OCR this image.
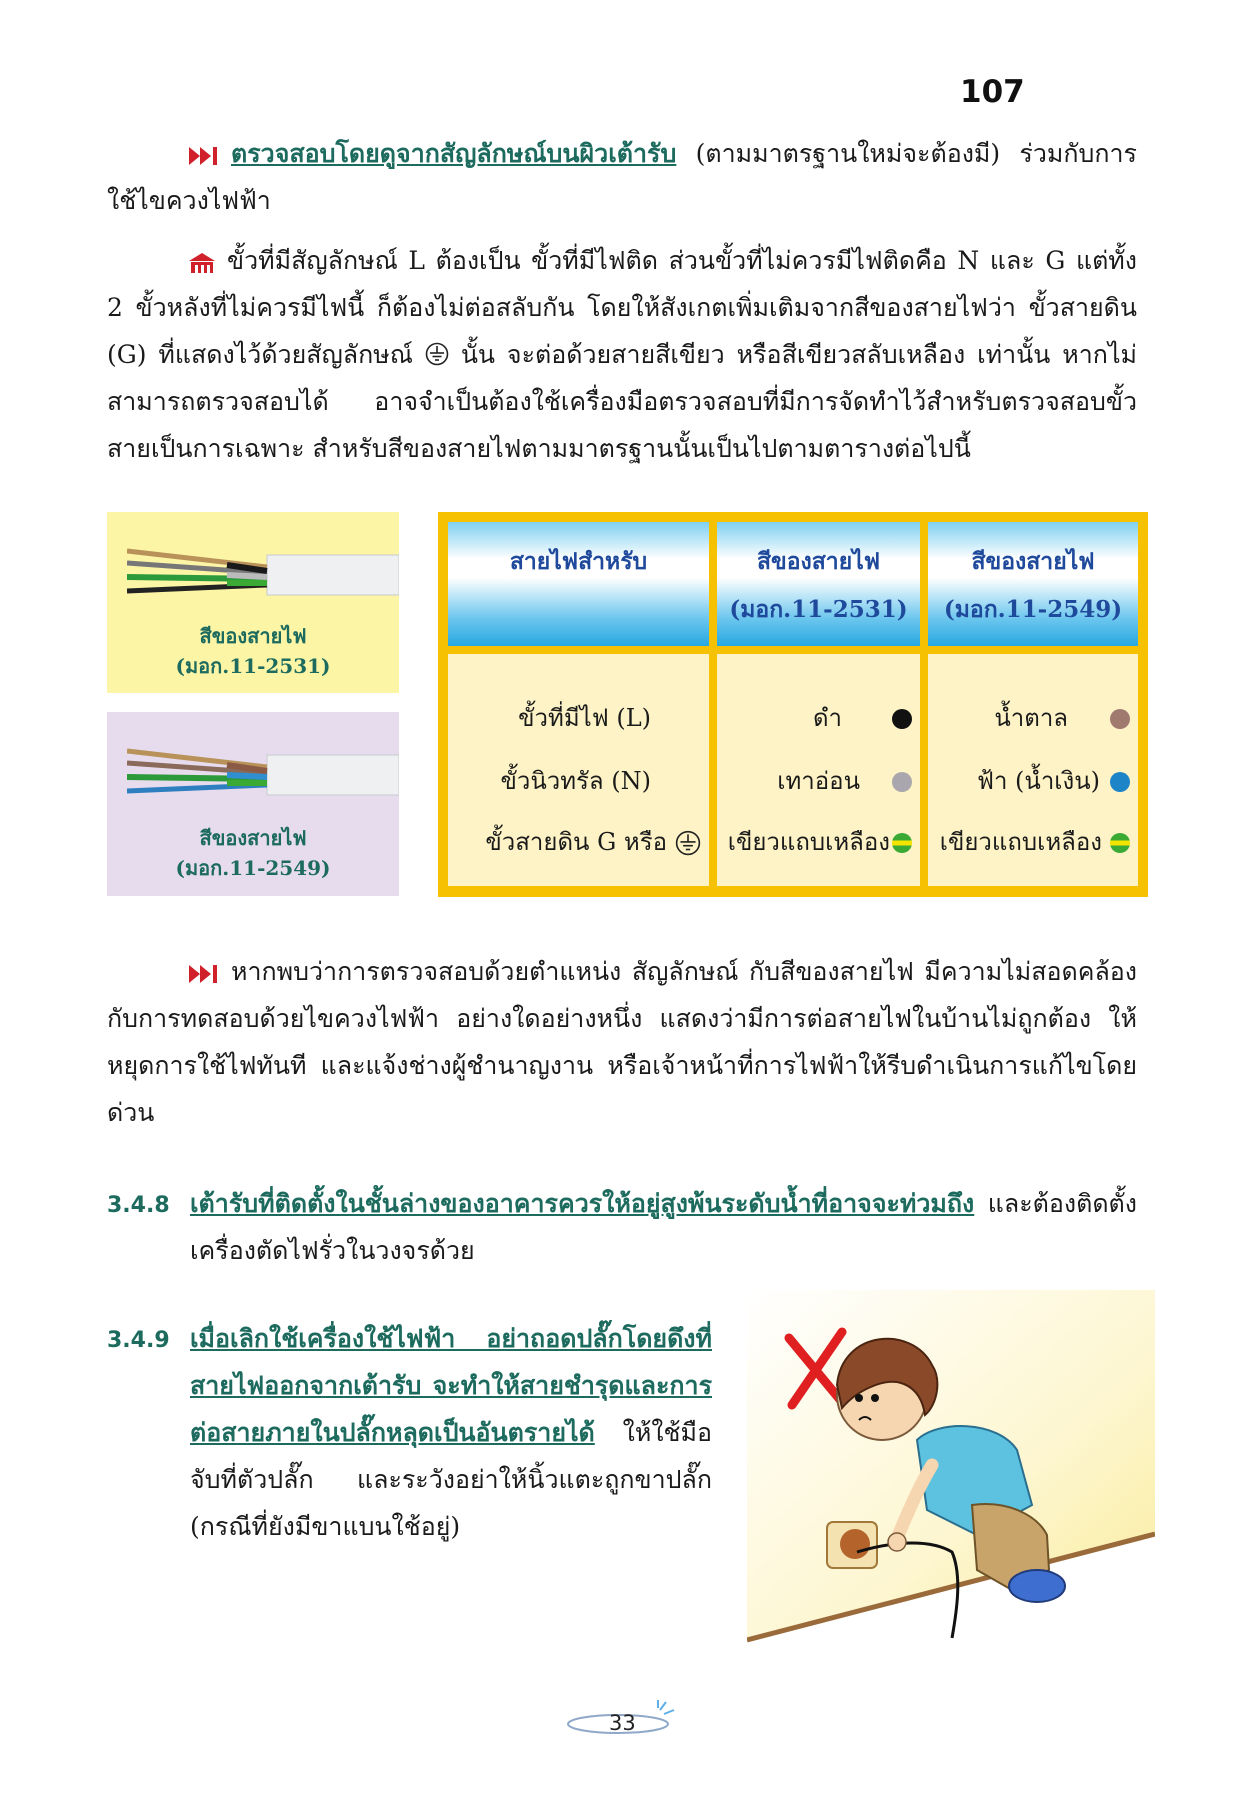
107
ตรวจสอบโดยดูจากสัญลักษณ์บนผิวเต้ารับ (ตามมาตรฐานใหม่จะต้องมี) ร่วมกับการใช้ไขควงไฟฟ้า
ขั้วที่มีสัญลักษณ์ L ต้องเป็น ขั้วที่มีไฟติด ส่วนขั้วที่ไม่ควรมีไฟติดคือ N และ G แต่ทั้ง 2 ขั้วหลังที่ไม่ควรมีไฟนี้ ก็ต้องไม่ต่อสลับกัน โดยให้สังเกตเพิ่มเติมจากสีของสายไฟว่า ขั้วสายดิน (G) ที่แสดงไว้ด้วยสัญลักษณ์  นั้น จะต่อด้วยสายสีเขียว หรือสีเขียวสลับเหลือง เท่านั้น หากไม่สามารถตรวจสอบได้ อาจจำเป็นต้องใช้เครื่องมือตรวจสอบที่มีการจัดทำไว้สำหรับตรวจสอบขั้วสายเป็นการเฉพาะ สำหรับสีของสายไฟตามมาตรฐานนั้นเป็นไปตามตารางต่อไปนี้
สีของสายไฟ
(มอก.11-2531)
สีของสายไฟ
(มอก.11-2549)
สายไฟสำหรับ	สีของสายไฟ
(มอก.11-2531)
สีของสายไฟ
(มอก.11-2549)
ขั้วที่มีไฟ (L)
ขั้วนิวทรัล (N)
ขั้วสายดิน G หรือ
ดำ
เทาอ่อน
เขียวแถบเหลือง
น้ำตาล
ฟ้า (น้ำเงิน)
เขียวแถบเหลือง
หากพบว่าการตรวจสอบด้วยตำแหน่ง สัญลักษณ์ กับสีของสายไฟ มีความไม่สอดคล้องกับการทดสอบด้วยไขควงไฟฟ้า อย่างใดอย่างหนึ่ง แสดงว่ามีการต่อสายไฟในบ้านไม่ถูกต้อง ให้หยุดการใช้ไฟทันที และแจ้งช่างผู้ชำนาญงาน หรือเจ้าหน้าที่การไฟฟ้าให้รีบดำเนินการแก้ไขโดยด่วน
3.4.8 เต้ารับที่ติดตั้งในชั้นล่างของอาคารควรให้อยู่สูงพ้นระดับน้ำที่อาจจะท่วมถึง และต้องติดตั้งเครื่องตัดไฟรั่วในวงจรด้วย
3.4.9 เมื่อเลิกใช้เครื่องใช้ไฟฟ้า อย่าถอดปลั๊กโดยดึงที่สายไฟออกจากเต้ารับ จะทำให้สายชำรุดและการต่อสายภายในปลั๊กหลุดเป็นอันตรายได้ ให้ใช้มือจับที่ตัวปลั๊ก และระวังอย่าให้นิ้วแตะถูกขาปลั๊ก (กรณีที่ยังมีขาแบนใช้อยู่)
33
